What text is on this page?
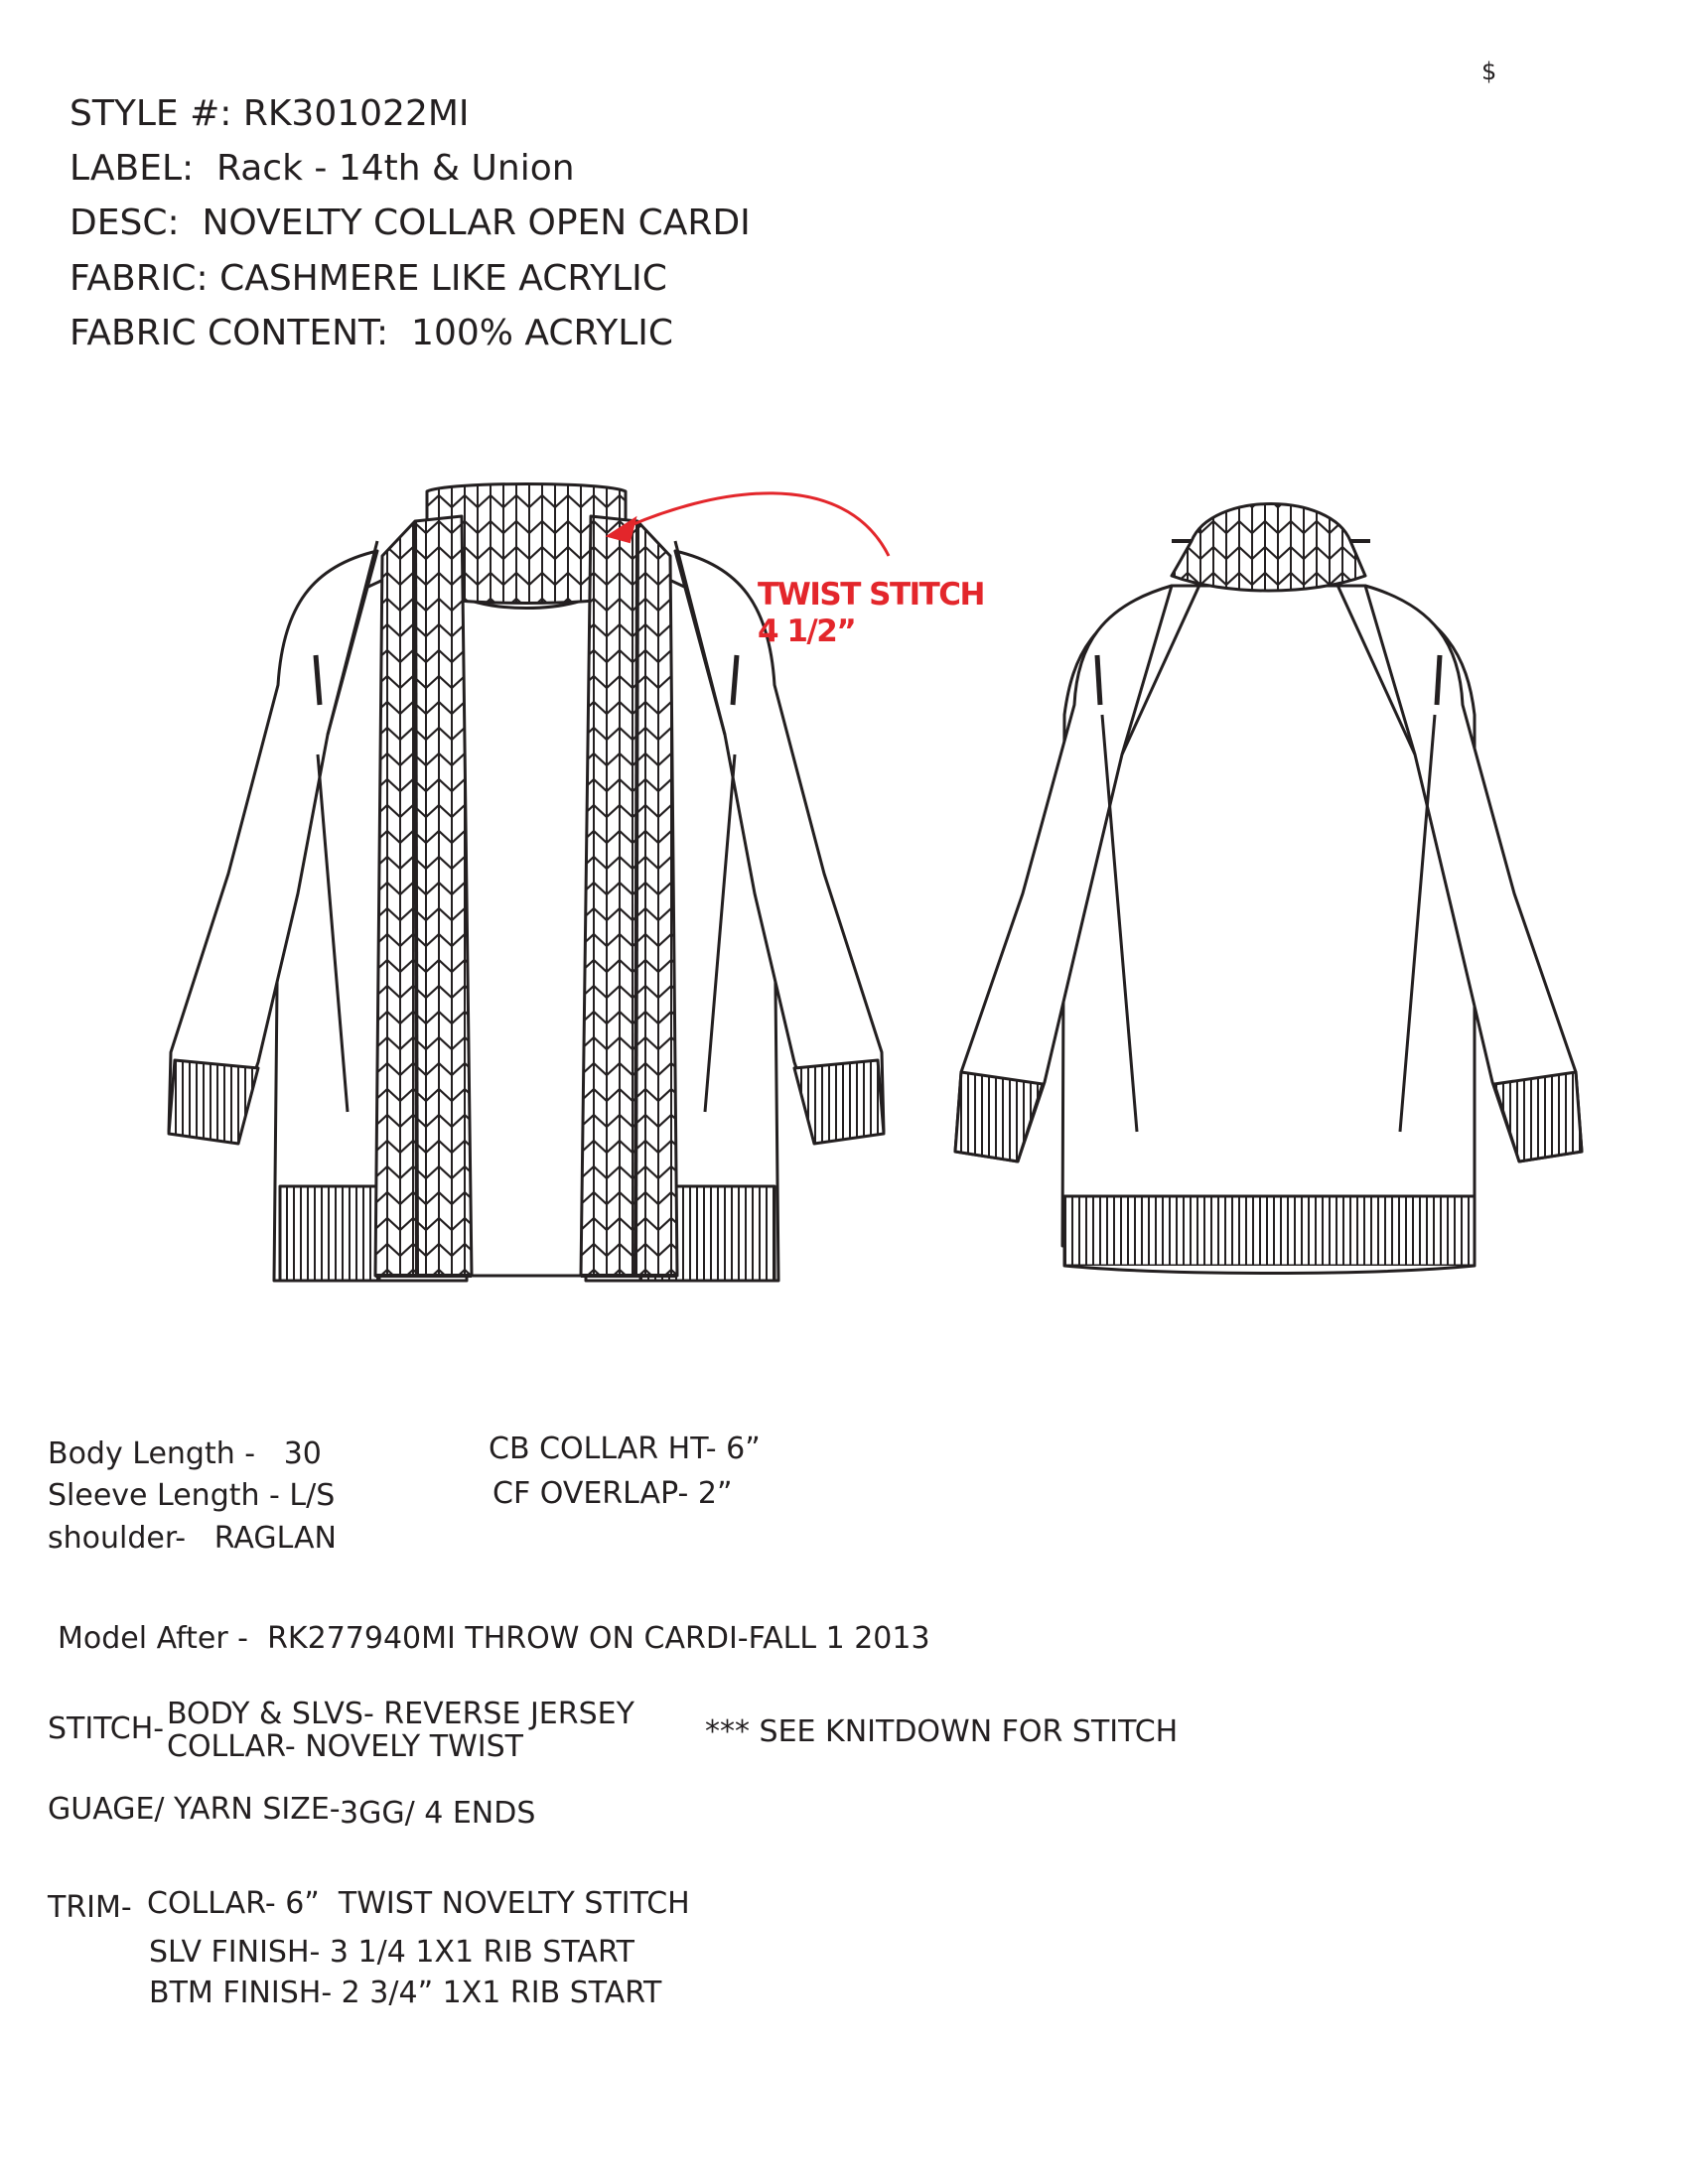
$
STYLE #: RK301022MI
LABEL:  Rack - 14th & Union
DESC:  NOVELTY COLLAR OPEN CARDI
FABRIC: CASHMERE LIKE ACRYLIC
FABRIC CONTENT:  100% ACRYLIC
TWIST STITCH
4 1/2”
Body Length -   30
Sleeve Length - L/S
shoulder-   RAGLAN
CB COLLAR HT- 6”
CF OVERLAP- 2”
Model After -  RK277940MI THROW ON CARDI-FALL 1 2013
STITCH- BODY & SLVS- REVERSE JERSEY
COLLAR- NOVELY TWIST	*** SEE KNITDOWN FOR STITCH
GUAGE/ YARN SIZE- 3GG/ 4 ENDS
TRIM- COLLAR- 6”  TWIST NOVELTY STITCH
SLV FINISH- 3 1/4 1X1 RIB START
BTM FINISH- 2 3/4” 1X1 RIB START
